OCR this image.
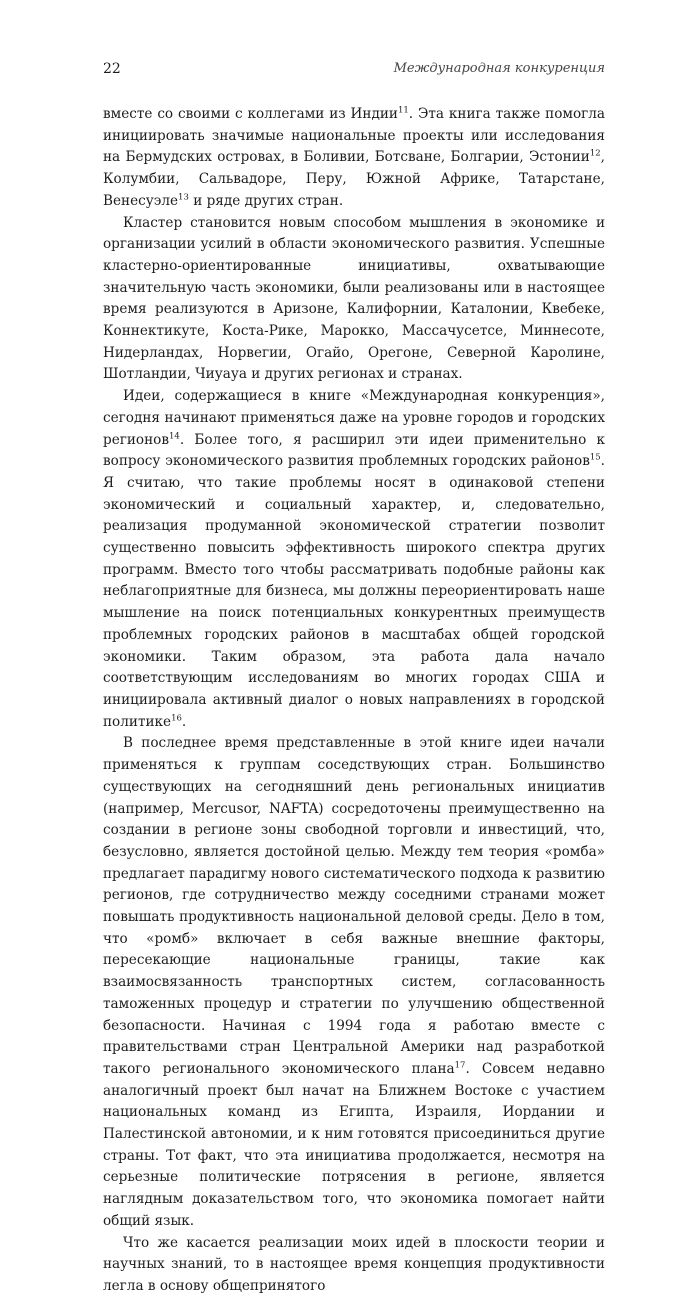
22	Международная конкуренция

вместе со своими с коллегами из Индии$^{11}$. Эта книга также помогла инициировать значимые национальные проекты или исследования на Бермудских островах, в Боливии, Ботсване, Болгарии, Эстонии$^{12}$, Колумбии, Сальвадоре, Перу, Южной Африке, Татарстане, Венесуэле$^{13}$ и ряде других стран.

Кластер становится новым способом мышления в экономике и организации усилий в области экономического развития. Успешные кластерно-ориентированные инициативы, охватывающие значительную часть экономики, были реализованы или в настоящее время реализуются в Аризоне, Калифорнии, Каталонии, Квебеке, Коннектикуте, Коста-Рике, Марокко, Массачусетсе, Миннесоте, Нидерландах, Норвегии, Огайо, Орегоне, Северной Каролине, Шотландии, Чиуауа и других регионах и странах.

Идеи, содержащиеся в книге «Международная конкуренция», сегодня начинают применяться даже на уровне городов и городских регионов$^{14}$. Более того, я расширил эти идеи применительно к вопросу экономического развития проблемных городских районов$^{15}$. Я считаю, что такие проблемы носят в одинаковой степени экономический и социальный характер, и, следовательно, реализация продуманной экономической стратегии позволит существенно повысить эффективность широкого спектра других программ. Вместо того чтобы рассматривать подобные районы как неблагоприятные для бизнеса, мы должны переориентировать наше мышление на поиск потенциальных конкурентных преимуществ проблемных городских районов в масштабах общей городской экономики. Таким образом, эта работа дала начало соответствующим исследованиям во многих городах США и инициировала активный диалог о новых направлениях в городской политике$^{16}$.

В последнее время представленные в этой книге идеи начали применяться к группам соседствующих стран. Большинство существующих на сегодняшний день региональных инициатив (например, Mercusor, NAFTA) сосредоточены преимущественно на создании в регионе зоны свободной торговли и инвестиций, что, безусловно, является достойной целью. Между тем теория «ромба» предлагает парадигму нового систематического подхода к развитию регионов, где сотрудничество между соседними странами может повышать продуктивность национальной деловой среды. Дело в том, что «ромб» включает в себя важные внешние факторы, пересекающие национальные границы, такие как взаимосвязанность транспортных систем, согласованность таможенных процедур и стратегии по улучшению общественной безопасности. Начиная с 1994 года я работаю вместе с правительствами стран Центральной Америки над разработкой такого регионального экономического плана$^{17}$. Совсем недавно аналогичный проект был начат на Ближнем Востоке с участием национальных команд из Египта, Израиля, Иордании и Палестинской автономии, и к ним готовятся присоединиться другие страны. Тот факт, что эта инициатива продолжается, несмотря на серьезные политические потрясения в регионе, является наглядным доказательством того, что экономика помогает найти общий язык.

Что же касается реализации моих идей в плоскости теории и научных знаний, то в настоящее время концепция продуктивности легла в основу общепринятого
